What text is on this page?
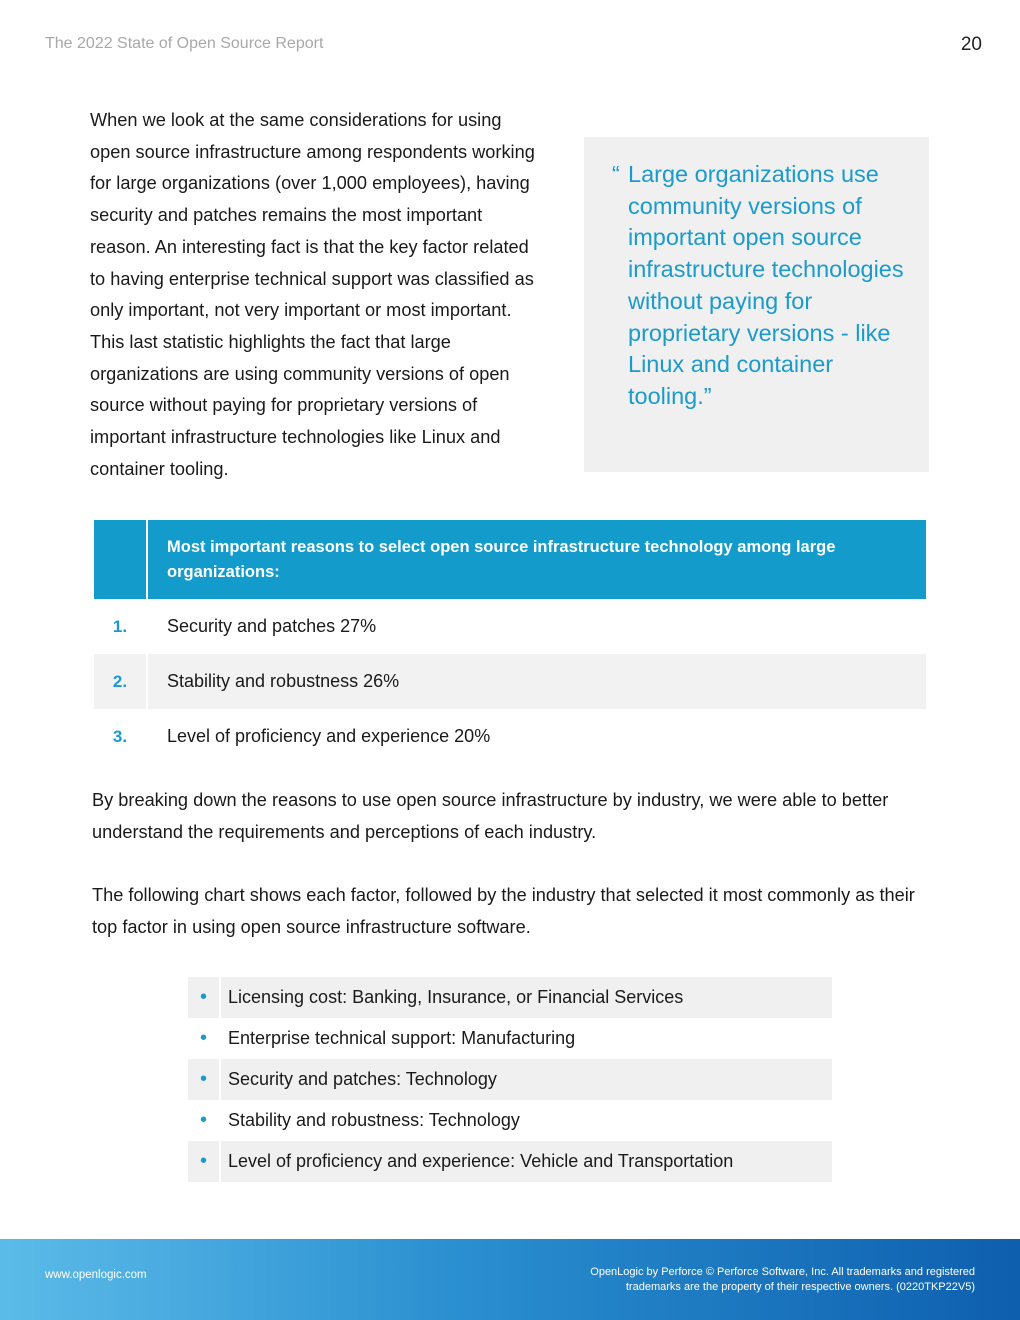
The 2022 State of Open Source Report	20

When we look at the same considerations for using open source infrastructure among respondents working for large organizations (over 1,000 employees), having security and patches remains the most important reason. An interesting fact is that the key factor related to having enterprise technical support was classified as only important, not very important or most important. This last statistic highlights the fact that large organizations are using community versions of open source without paying for proprietary versions of important infrastructure technologies like Linux and container tooling.

“ Large organizations use community versions of important open source infrastructure technologies without paying for proprietary versions - like Linux and container tooling.”
Most important reasons to select open source infrastructure technology among large organizations:
1.	Security and patches 27%
2.	Stability and robustness 26%
3.	Level of proficiency and experience 20%

By breaking down the reasons to use open source infrastructure by industry, we were able to better understand the requirements and perceptions of each industry.

The following chart shows each factor, followed by the industry that selected it most commonly as their top factor in using open source infrastructure software.

•	Licensing cost: Banking, Insurance, or Financial Services
•	Enterprise technical support: Manufacturing
•	Security and patches: Technology
•	Stability and robustness: Technology
•	Level of proficiency and experience: Vehicle and Transportation
www.openlogic.com	OpenLogic by Perforce © Perforce Software, Inc. All trademarks and registered trademarks are the property of their respective owners. (0220TKP22V5)
